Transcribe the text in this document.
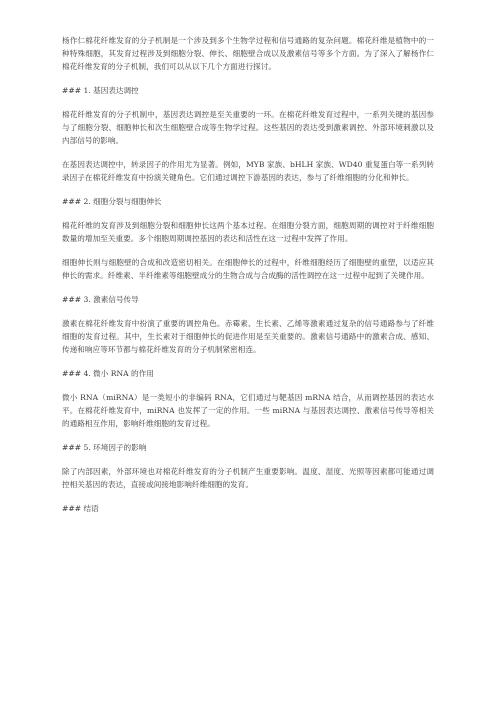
杨作仁棉花纤维发育的分子机制是一个涉及到多个生物学过程和信号通路的复杂问题。棉花纤维是植物中的一种特殊细胞，其发育过程涉及到细胞分裂、伸长、细胞壁合成以及激素信号等多个方面。为了深入了解杨作仁棉花纤维发育的分子机制，我们可以从以下几个方面进行探讨。

### 1. 基因表达调控

棉花纤维发育的分子机制中，基因表达调控是至关重要的一环。在棉花纤维发育过程中，一系列关键的基因参与了细胞分裂、细胞伸长和次生细胞壁合成等生物学过程。这些基因的表达受到激素调控、外部环境刺激以及内部信号的影响。

在基因表达调控中，转录因子的作用尤为显著。例如，MYB 家族、bHLH 家族、WD40 重复蛋白等一系列转录因子在棉花纤维发育中扮演关键角色。它们通过调控下游基因的表达，参与了纤维细胞的分化和伸长。

### 2. 细胞分裂与细胞伸长

棉花纤维的发育涉及到细胞分裂和细胞伸长这两个基本过程。在细胞分裂方面，细胞周期的调控对于纤维细胞数量的增加至关重要。多个细胞周期调控基因的表达和活性在这一过程中发挥了作用。

细胞伸长则与细胞壁的合成和改造密切相关。在细胞伸长的过程中，纤维细胞经历了细胞壁的重塑，以适应其伸长的需求。纤维素、半纤维素等细胞壁成分的生物合成与合成酶的活性调控在这一过程中起到了关键作用。

### 3. 激素信号传导

激素在棉花纤维发育中扮演了重要的调控角色。赤霉素、生长素、乙烯等激素通过复杂的信号通路参与了纤维细胞的发育过程。其中，生长素对于细胞伸长的促进作用是至关重要的。激素信号通路中的激素合成、感知、传递和响应等环节都与棉花纤维发育的分子机制紧密相连。

### 4. 微小 RNA 的作用

微小 RNA（miRNA）是一类短小的非编码 RNA，它们通过与靶基因 mRNA 结合，从而调控基因的表达水平。在棉花纤维发育中，miRNA 也发挥了一定的作用。一些 miRNA 与基因表达调控、激素信号传导等相关的通路相互作用，影响纤维细胞的发育过程。

### 5. 环境因子的影响

除了内部因素，外部环境也对棉花纤维发育的分子机制产生重要影响。温度、湿度、光照等因素都可能通过调控相关基因的表达，直接或间接地影响纤维细胞的发育。

### 结语
